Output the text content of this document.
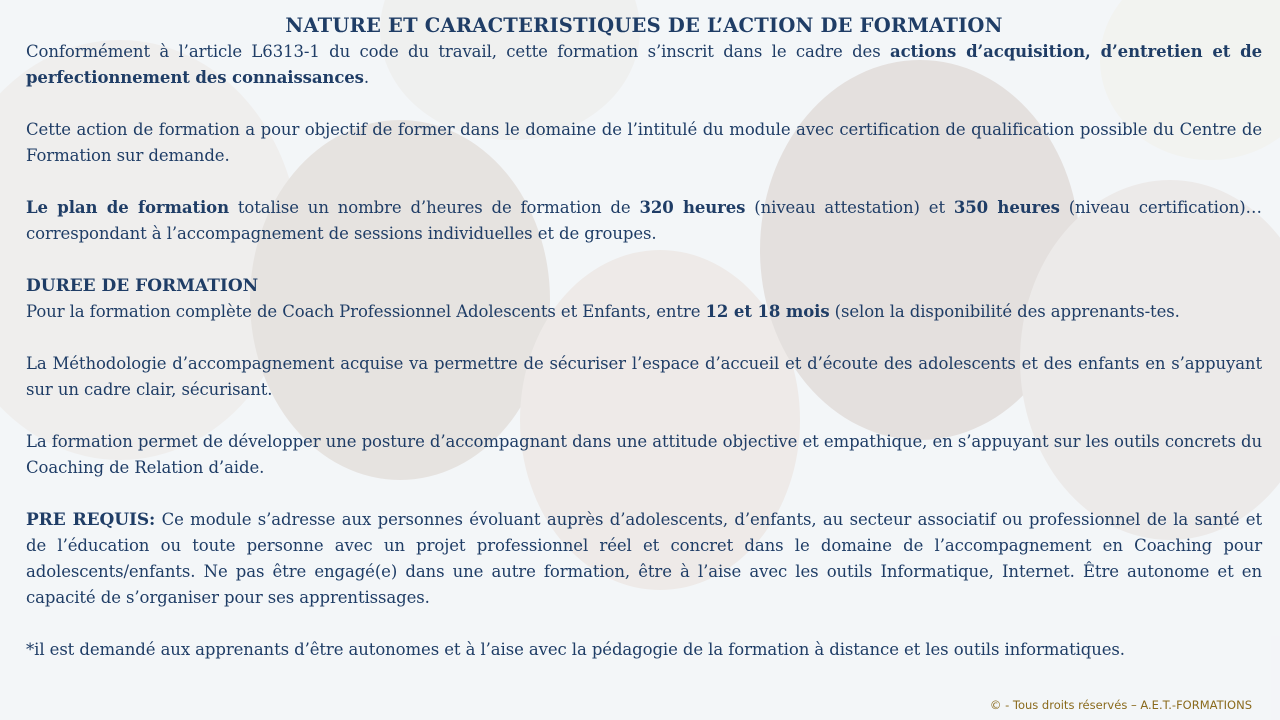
NATURE ET CARACTERISTIQUES DE L’ACTION DE FORMATION

Conformément à l’article L6313-1 du code du travail, cette formation s’inscrit dans le cadre des actions d’acquisition, d’entretien et de perfectionnement des connaissances.

Cette action de formation a pour objectif de former dans le domaine de l’intitulé du module avec certification de qualification possible du Centre de Formation sur demande.

Le plan de formation totalise un nombre d’heures de formation de 320 heures (niveau attestation) et 350 heures (niveau certification)… correspondant à l’accompagnement de sessions individuelles et de groupes.

DUREE DE FORMATION

Pour la formation complète de Coach Professionnel Adolescents et Enfants, entre 12 et 18 mois (selon la disponibilité des apprenants-tes.

La Méthodologie d’accompagnement acquise va permettre de sécuriser l’espace d’accueil et d’écoute des adolescents et des enfants en s’appuyant sur un cadre clair, sécurisant.

La formation permet de développer une posture d’accompagnant dans une attitude objective et empathique, en s’appuyant sur les outils concrets du Coaching de Relation d’aide.

PRE REQUIS: Ce module s’adresse aux personnes évoluant auprès d’adolescents, d’enfants, au secteur associatif ou professionnel de la santé et de l’éducation ou toute personne avec un projet professionnel réel et concret dans le domaine de l’accompagnement en Coaching pour adolescents/enfants. Ne pas être engagé(e) dans une autre formation, être à l’aise avec les outils Informatique, Internet. Être autonome et en capacité de s’organiser pour ses apprentissages.

*il est demandé aux apprenants d’être autonomes et à l’aise avec la pédagogie de la formation à distance et les outils informatiques.

© - Tous droits réservés – A.E.T.-FORMATIONS
